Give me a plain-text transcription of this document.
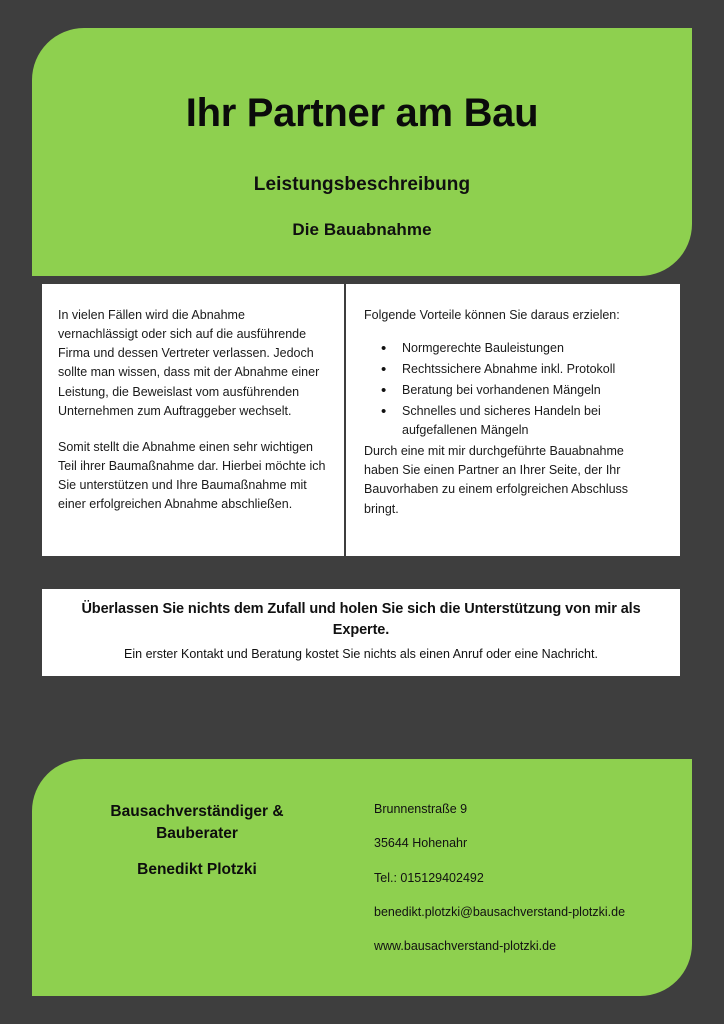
Ihr Partner am Bau
Leistungsbeschreibung
Die Bauabnahme

In vielen Fällen wird die Abnahme vernachlässigt oder sich auf die ausführende Firma und dessen Vertreter verlassen. Jedoch sollte man wissen, dass mit der Abnahme einer Leistung, die Beweislast vom ausführenden Unternehmen zum Auftraggeber wechselt.

Somit stellt die Abnahme einen sehr wichtigen Teil ihrer Baumaßnahme dar. Hierbei möchte ich Sie unterstützen und Ihre Baumaßnahme mit einer erfolgreichen Abnahme abschließen.

Folgende Vorteile können Sie daraus erzielen:

• Normgerechte Bauleistungen
• Rechtssichere Abnahme inkl. Protokoll
• Beratung bei vorhandenen Mängeln
• Schnelles und sicheres Handeln bei aufgefallenen Mängeln

Durch eine mit mir durchgeführte Bauabnahme haben Sie einen Partner an Ihrer Seite, der Ihr Bauvorhaben zu einem erfolgreichen Abschluss bringt.

Überlassen Sie nichts dem Zufall und holen Sie sich die Unterstützung von mir als Experte.
Ein erster Kontakt und Beratung kostet Sie nichts als einen Anruf oder eine Nachricht.
Bausachverständiger &
Bauberater
Benedikt Plotzki
Brunnenstraße 9
35644 Hohenahr
Tel.: 015129402492
benedikt.plotzki@bausachverstand-plotzki.de
www.bausachverstand-plotzki.de
